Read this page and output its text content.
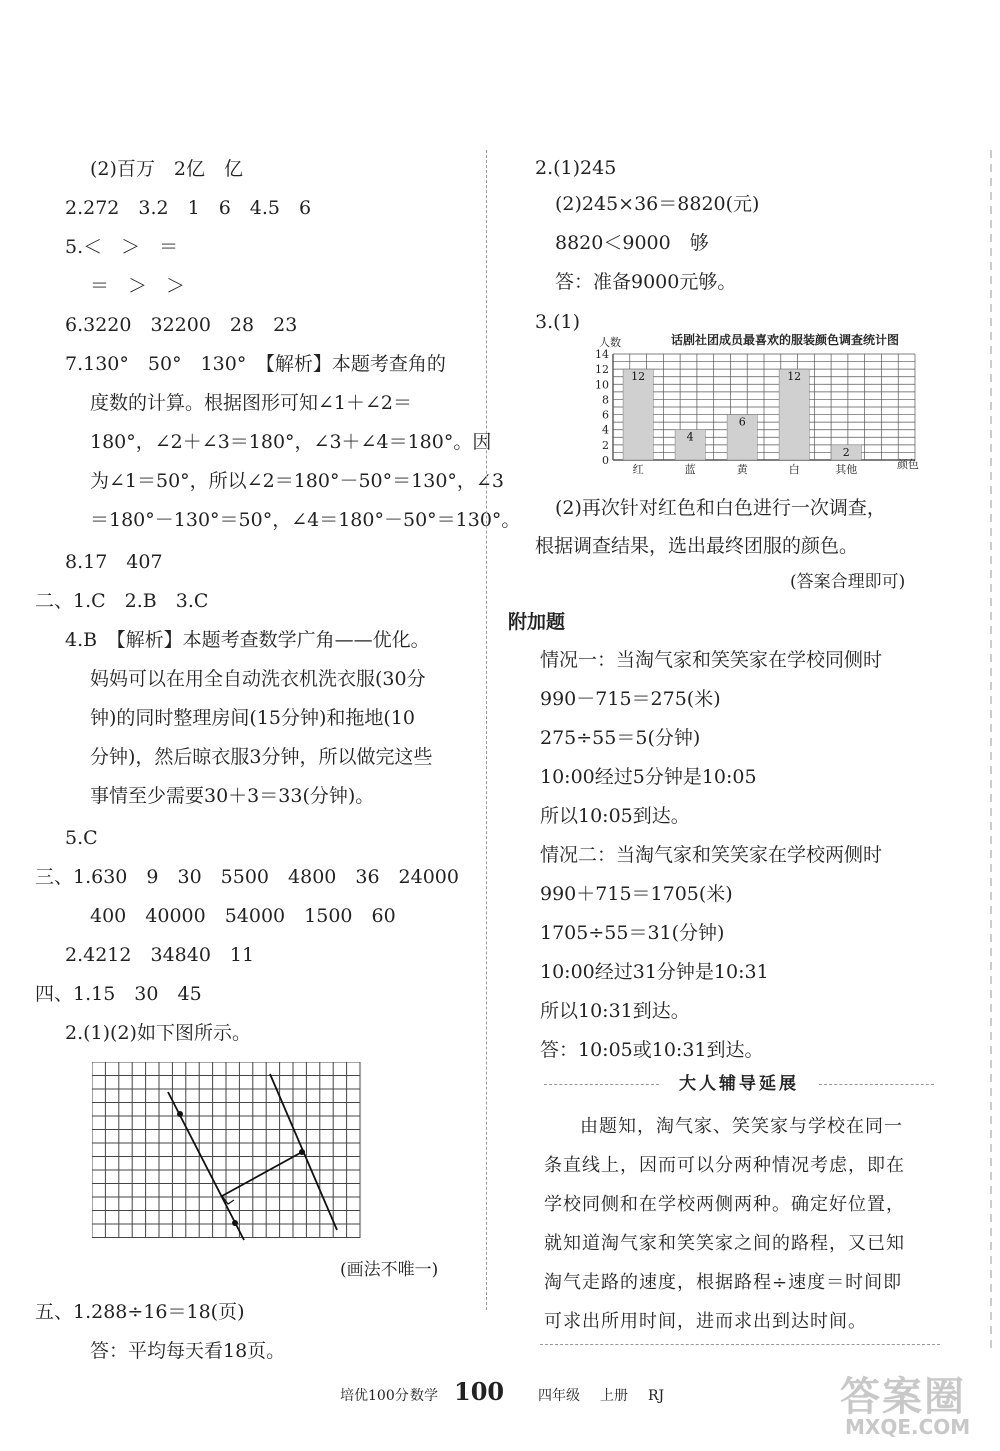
(2)百万　2亿　亿
2.272　3.2　1　6　4.5　6
5.＜　＞　＝
＝　＞　＞
6.3220　32200　28　23
7.130°　50°　130°　【解析】本题考查角的
度数的计算。根据图形可知∠1＋∠2＝
180°，∠2＋∠3＝180°，∠3＋∠4＝180°。因
为∠1＝50°，所以∠2＝180°－50°＝130°，∠3
＝180°－130°＝50°，∠4＝180°－50°＝130°。
8.17　407
二、1.C　2.B　3.C
4.B　【解析】本题考查数学广角——优化。
妈妈可以在用全自动洗衣机洗衣服(30分
钟)的同时整理房间(15分钟)和拖地(10
分钟)，然后晾衣服3分钟，所以做完这些
事情至少需要30＋3＝33(分钟)。
5.C
三、1.630　9　30　5500　4800　36　24000
400　40000　54000　1500　60
2.4212　34840　11
四、1.15　30　45
2.(1)(2)如下图所示。
(画法不唯一)
五、1.288÷16＝18(页)
答：平均每天看18页。
2.(1)245
(2)245×36＝8820(元)
8820＜9000　够
答：准备9000元够。
3.(1)
话剧社团成员最喜欢的服装颜色调查统计图
人数
0
2
4
6
8
10
12
14
12
红
4
蓝
6
黄
12
白
2
其他	颜色
(2)再次针对红色和白色进行一次调查，
根据调查结果，选出最终团服的颜色。
(答案合理即可)
附加题
情况一：当淘气家和笑笑家在学校同侧时
990－715＝275(米)
275÷55＝5(分钟)
10:00经过5分钟是10:05
所以10:05到达。
情况二：当淘气家和笑笑家在学校两侧时
990＋715＝1705(米)
1705÷55＝31(分钟)
10:00经过31分钟是10:31
所以10:31到达。
答：10:05或10:31到达。
大人辅导延展
由题知，淘气家、笑笑家与学校在同一
条直线上，因而可以分两种情况考虑，即在
学校同侧和在学校两侧两种。确定好位置，
就知道淘气家和笑笑家之间的路程，又已知
淘气走路的速度，根据路程÷速度＝时间即
可求出所用时间，进而求出到达时间。
培优100分 数学 100 四年级 上册 RJ	答案圈
MXQE.COM
